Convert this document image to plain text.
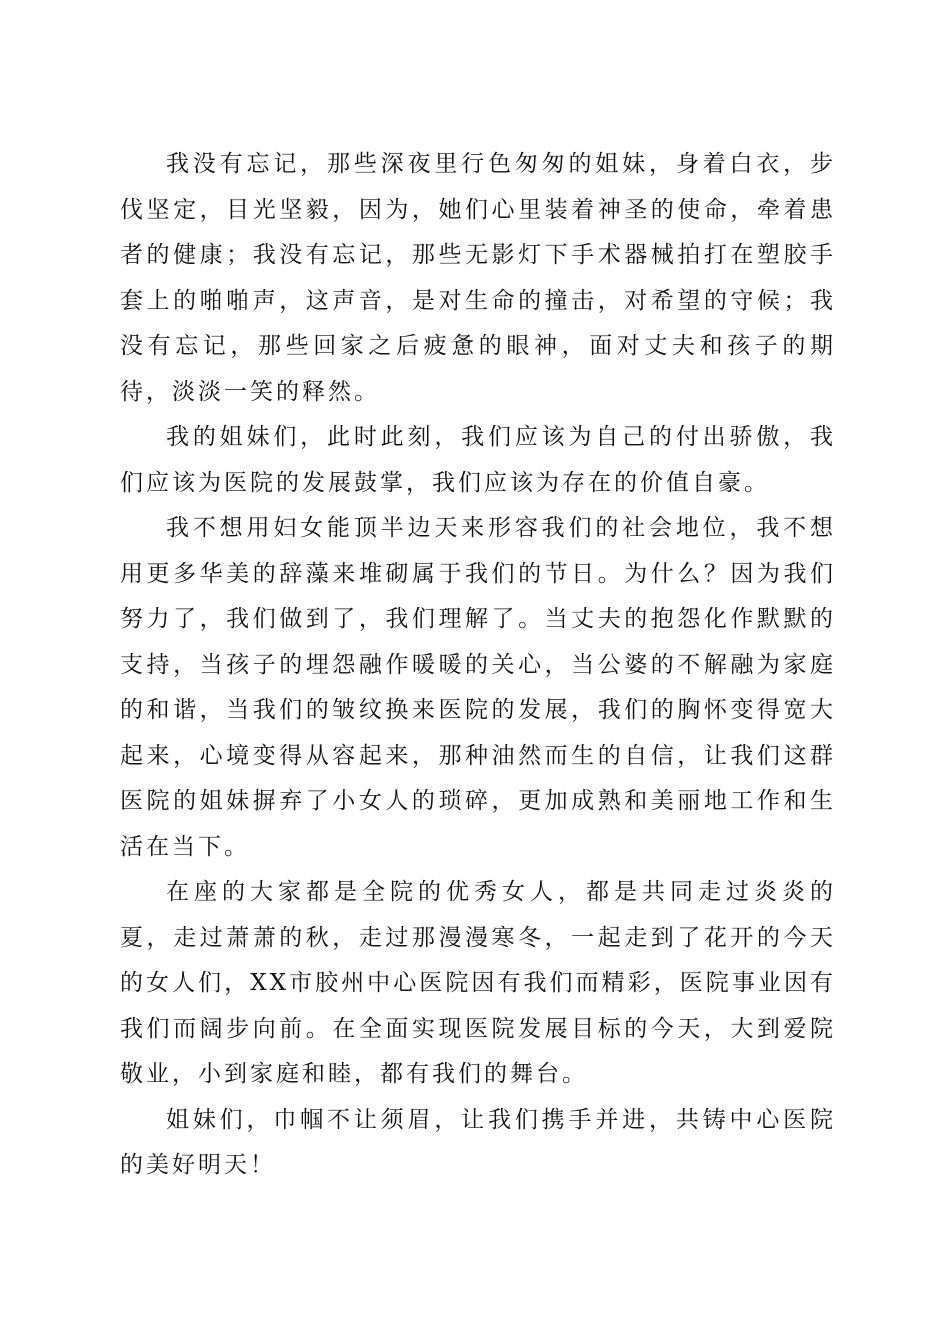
我没有忘记，那些深夜里行色匆匆的姐妹，身着白衣，步伐坚定，目光坚毅，因为，她们心里装着神圣的使命，牵着患者的健康；我没有忘记，那些无影灯下手术器械拍打在塑胶手套上的啪啪声，这声音，是对生命的撞击，对希望的守候；我没有忘记，那些回家之后疲惫的眼神，面对丈夫和孩子的期待，淡淡一笑的释然。

我的姐妹们，此时此刻，我们应该为自己的付出骄傲，我们应该为医院的发展鼓掌，我们应该为存在的价值自豪。

我不想用妇女能顶半边天来形容我们的社会地位，我不想用更多华美的辞藻来堆砌属于我们的节日。为什么？因为我们努力了，我们做到了，我们理解了。当丈夫的抱怨化作默默的支持，当孩子的埋怨融作暖暖的关心，当公婆的不解融为家庭的和谐，当我们的皱纹换来医院的发展，我们的胸怀变得宽大起来，心境变得从容起来，那种油然而生的自信，让我们这群医院的姐妹摒弃了小女人的琐碎，更加成熟和美丽地工作和生活在当下。

在座的大家都是全院的优秀女人，都是共同走过炎炎的夏，走过萧萧的秋，走过那漫漫寒冬，一起走到了花开的今天的女人们，XX市胶州中心医院因有我们而精彩，医院事业因有我们而阔步向前。在全面实现医院发展目标的今天，大到爱院敬业，小到家庭和睦，都有我们的舞台。

姐妹们，巾帼不让须眉，让我们携手并进，共铸中心医院的美好明天！
